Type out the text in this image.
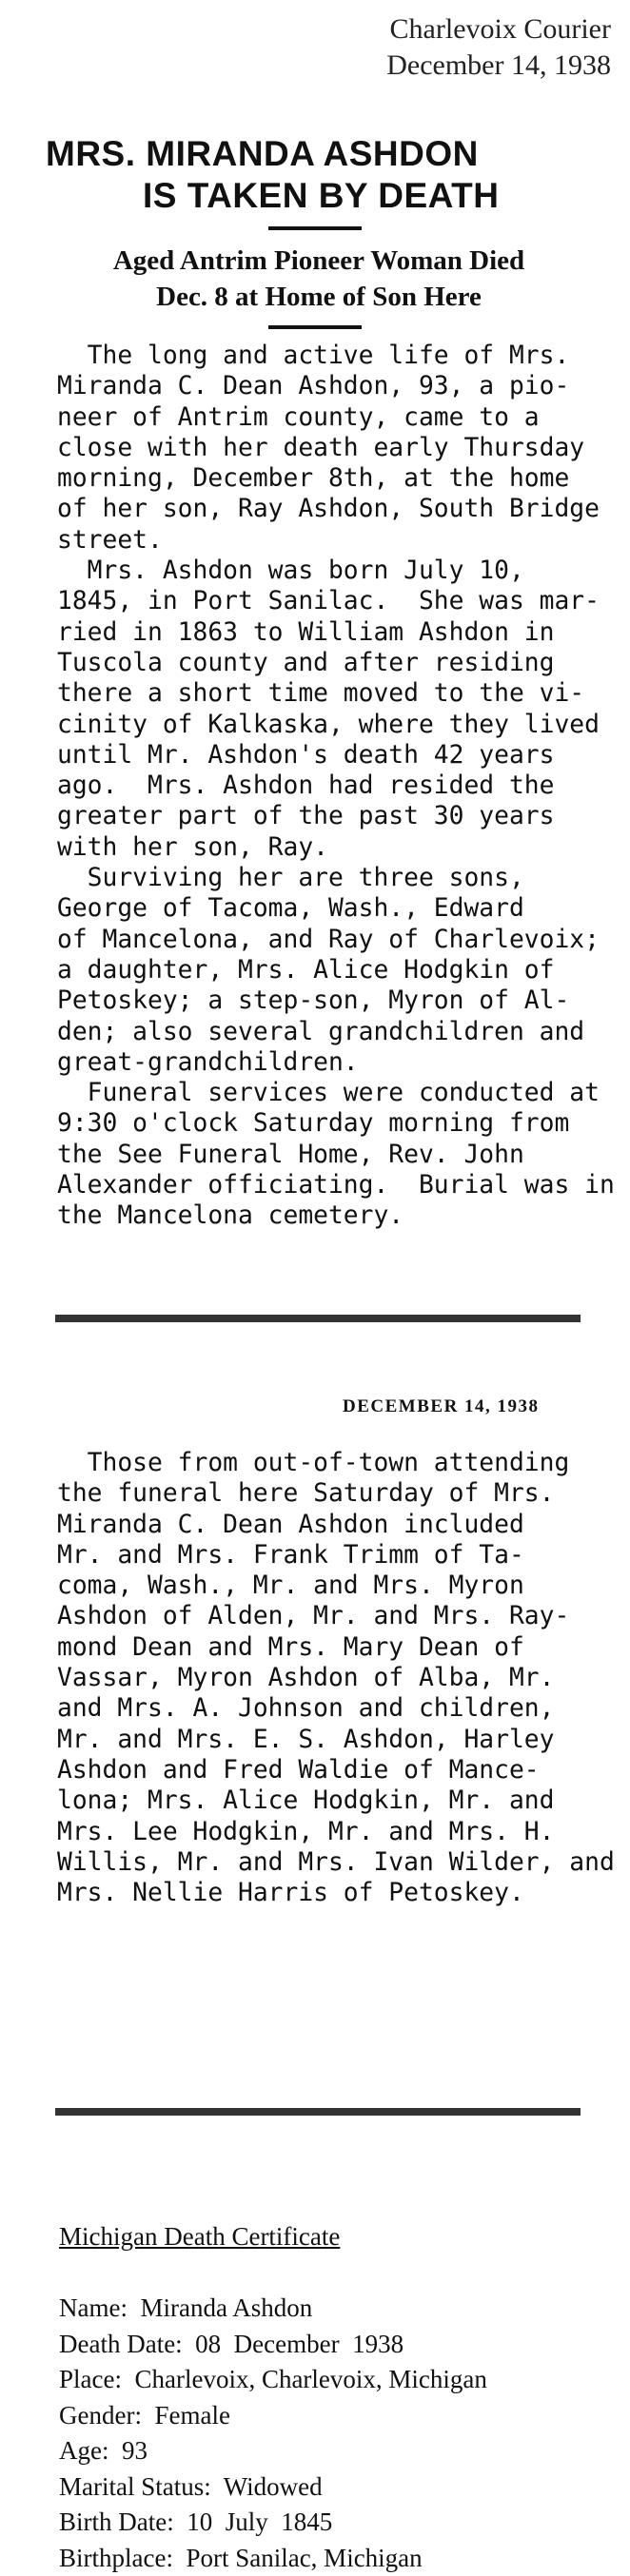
Charlevoix Courier
December 14, 1938
MRS. MIRANDA ASHDON
IS TAKEN BY DEATH
Aged Antrim Pioneer Woman Died
Dec. 8 at Home of Son Here
The long and active life of Mrs.
Miranda C. Dean Ashdon, 93, a pio-
neer of Antrim county, came to a
close with her death early Thursday
morning, December 8th, at the home
of her son, Ray Ashdon, South Bridge
street.
Mrs. Ashdon was born July 10,
1845, in Port Sanilac.  She was mar-
ried in 1863 to William Ashdon in
Tuscola county and after residing
there a short time moved to the vi-
cinity of Kalkaska, where they lived
until Mr. Ashdon's death 42 years
ago.  Mrs. Ashdon had resided the
greater part of the past 30 years
with her son, Ray.
Surviving her are three sons,
George of Tacoma, Wash., Edward
of Mancelona, and Ray of Charlevoix;
a daughter, Mrs. Alice Hodgkin of
Petoskey; a step-son, Myron of Al-
den; also several grandchildren and
great-grandchildren.
Funeral services were conducted at
9:30 o'clock Saturday morning from
the See Funeral Home, Rev. John
Alexander officiating.  Burial was in
the Mancelona cemetery.
DECEMBER 14, 1938
Those from out-of-town attending
the funeral here Saturday of Mrs.
Miranda C. Dean Ashdon included
Mr. and Mrs. Frank Trimm of Ta-
coma, Wash., Mr. and Mrs. Myron
Ashdon of Alden, Mr. and Mrs. Ray-
mond Dean and Mrs. Mary Dean of
Vassar, Myron Ashdon of Alba, Mr.
and Mrs. A. Johnson and children,
Mr. and Mrs. E. S. Ashdon, Harley
Ashdon and Fred Waldie of Mance-
lona; Mrs. Alice Hodgkin, Mr. and
Mrs. Lee Hodgkin, Mr. and Mrs. H.
Willis, Mr. and Mrs. Ivan Wilder, and
Mrs. Nellie Harris of Petoskey.

Michigan Death Certificate

Name:  Miranda Ashdon
Death Date:  08  December  1938
Place:  Charlevoix, Charlevoix, Michigan
Gender:  Female
Age:  93
Marital Status:  Widowed
Birth Date:  10  July  1845
Birthplace:  Port Sanilac, Michigan
